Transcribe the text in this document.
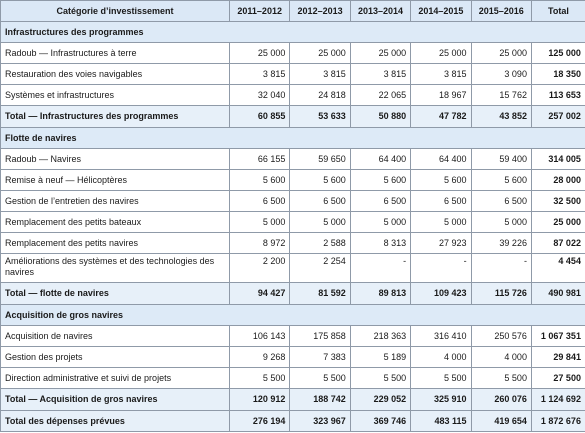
Catégorie d’investissement	2011–2012	2012–2013	2013–2014	2014–2015	2015–2016	Total
Infrastructures des programmes						
Radoub — Infrastructures à terre	25 000	25 000	25 000	25 000	25 000	125 000
Restauration des voies navigables	3 815	3 815	3 815	3 815	3 090	18 350
Systèmes et infrastructures	32 040	24 818	22 065	18 967	15 762	113 653
Total — Infrastructures des programmes	60 855	53 633	50 880	47 782	43 852	257 002
Flotte de navires						
Radoub — Navires	66 155	59 650	64 400	64 400	59 400	314 005
Remise à neuf — Hélicoptères	5 600	5 600	5 600	5 600	5 600	28 000
Gestion de l’entretien des navires	6 500	6 500	6 500	6 500	6 500	32 500
Remplacement des petits bateaux	5 000	5 000	5 000	5 000	5 000	25 000
Remplacement des petits navires	8 972	2 588	8 313	27 923	39 226	87 022
Améliorations des systèmes et des technologies des navires	2 200	2 254	-	-	-	4 454
Total — flotte de navires	94 427	81 592	89 813	109 423	115 726	490 981
Acquisition de gros navires						
Acquisition de navires	106 143	175 858	218 363	316 410	250 576	1 067 351
Gestion des projets	9 268	7 383	5 189	4 000	4 000	29 841
Direction administrative et suivi de projets	5 500	5 500	5 500	5 500	5 500	27 500
Total — Acquisition de gros navires	120 912	188 742	229 052	325 910	260 076	1 124 692
Total des dépenses prévues	276 194	323 967	369 746	483 115	419 654	1 872 676
